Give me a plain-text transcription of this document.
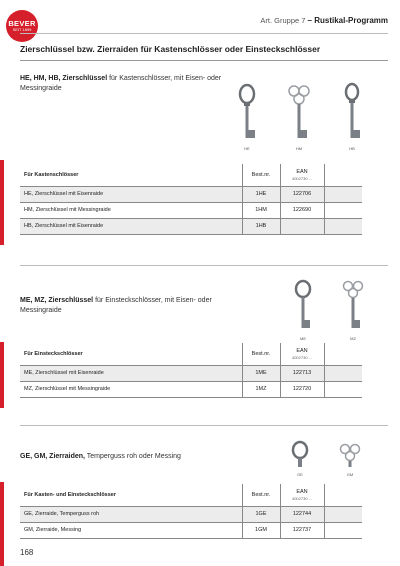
BEVER
SEIT 1899
Art. Gruppe 7 – Rustikal-Programm
Zierschlüssel bzw. Zierraiden für Kastenschlösser oder Einsteckschlösser
HE, HM, HB, Zierschlüssel für Kastenschlösser, mit Eisen- oder Messingraide
HE	HM	HB
Für Kastenschlösser	Best.nr.	EAN
4002730 ...	

HE, Zierschlüssel mit Eisenraide	1HE	122706	
HM, Zierschlüssel mit Messingraide	1HM	122690	
HB, Zierschlüssel mit Eisenraide	1HB		
ME, MZ, Zierschlüssel für Einsteckschlösser, mit Eisen- oder Messingraide
ME	MZ
Für Einsteckschlösser	Best.nr.	EAN
4002730 ...	

ME, Zierschlüssel mit Eisenraide	1ME	122713	
MZ, Zierschlüssel mit Messingraide	1MZ	122720	
GE, GM, Zierraiden, Temperguss roh oder Messing
GE	GM
Für Kasten- und Einsteckschlösser	Best.nr.	EAN
4002730 ...	

GE, Zierraide, Temperguss roh	1GE	122744	
GM, Zierraide, Messing	1GM	122737	
168
